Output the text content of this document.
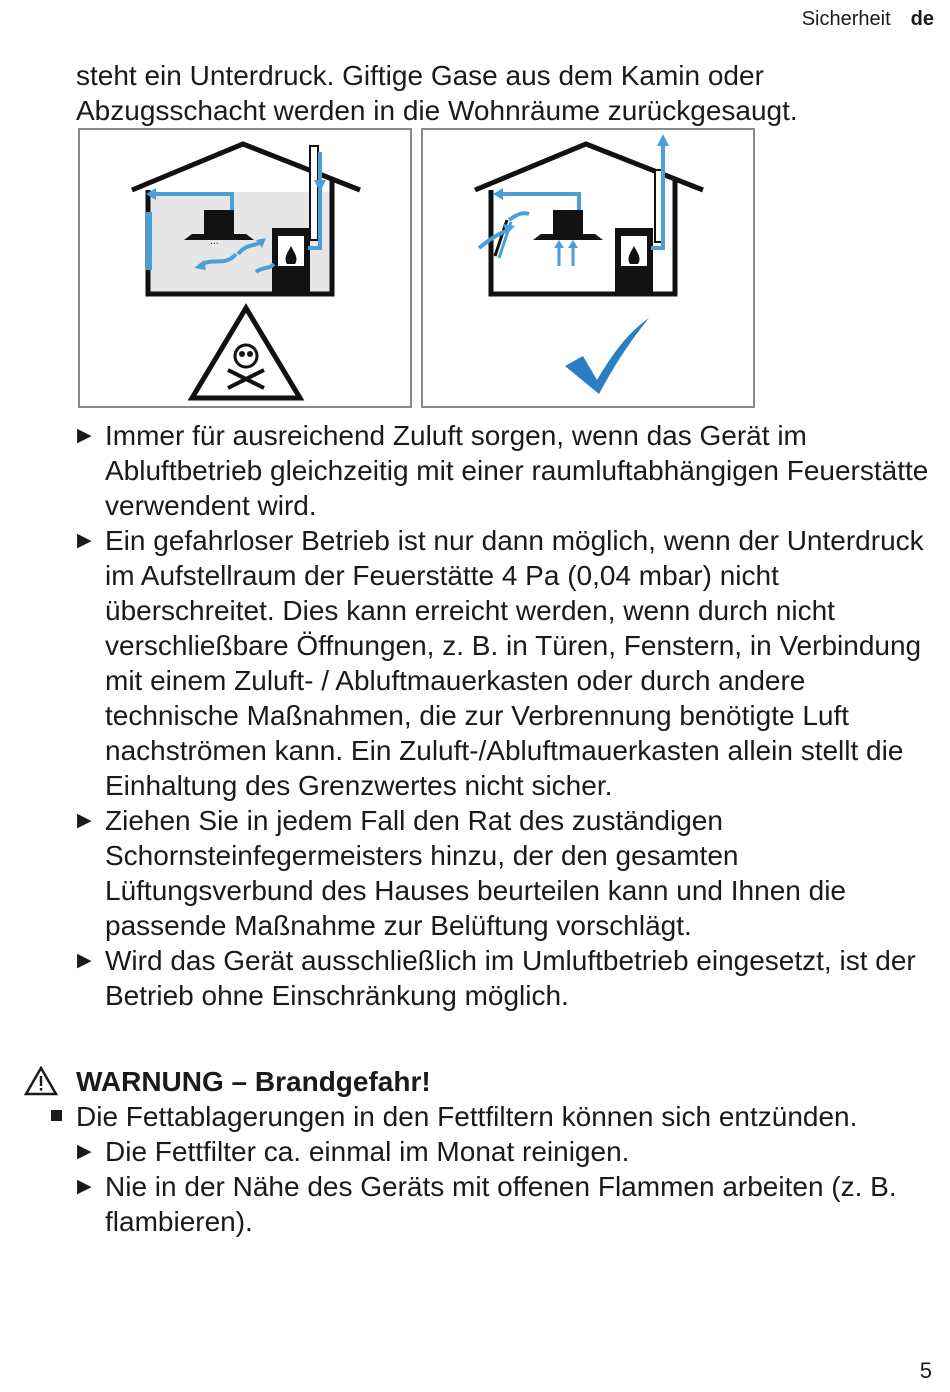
Sicherheit de

steht ein Unterdruck. Giftige Gase aus dem Kamin oder Abzugsschacht werden in die Wohnräume zurückgesaugt.

...
▶ Immer für ausreichend Zuluft sorgen, wenn das Gerät im Abluftbetrieb gleichzeitig mit einer raumluftabhängigen Feuerstätte verwendent wird.
▶ Ein gefahrloser Betrieb ist nur dann möglich, wenn der Unterdruck im Aufstellraum der Feuerstätte 4 Pa (0,04 mbar) nicht überschreitet. Dies kann erreicht werden, wenn durch nicht verschließbare Öffnungen, z. B. in Türen, Fenstern, in Verbindung mit einem Zuluft- / Abluftmauerkasten oder durch andere technische Maßnahmen, die zur Verbrennung benötigte Luft nachströmen kann. Ein Zuluft-/Abluftmauerkasten allein stellt die Einhaltung des Grenzwertes nicht sicher.
▶ Ziehen Sie in jedem Fall den Rat des zuständigen Schornsteinfegermeisters hinzu, der den gesamten Lüftungsverbund des Hauses beurteilen kann und Ihnen die passende Maßnahme zur Belüftung vorschlägt.
▶ Wird das Gerät ausschließlich im Umluftbetrieb eingesetzt, ist der Betrieb ohne Einschränkung möglich.
WARNUNG – Brandgefahr!
Die Fettablagerungen in den Fettfiltern können sich entzünden.
▶ Die Fettfilter ca. einmal im Monat reinigen.
▶ Nie in der Nähe des Geräts mit offenen Flammen arbeiten (z. B. flambieren).
5
